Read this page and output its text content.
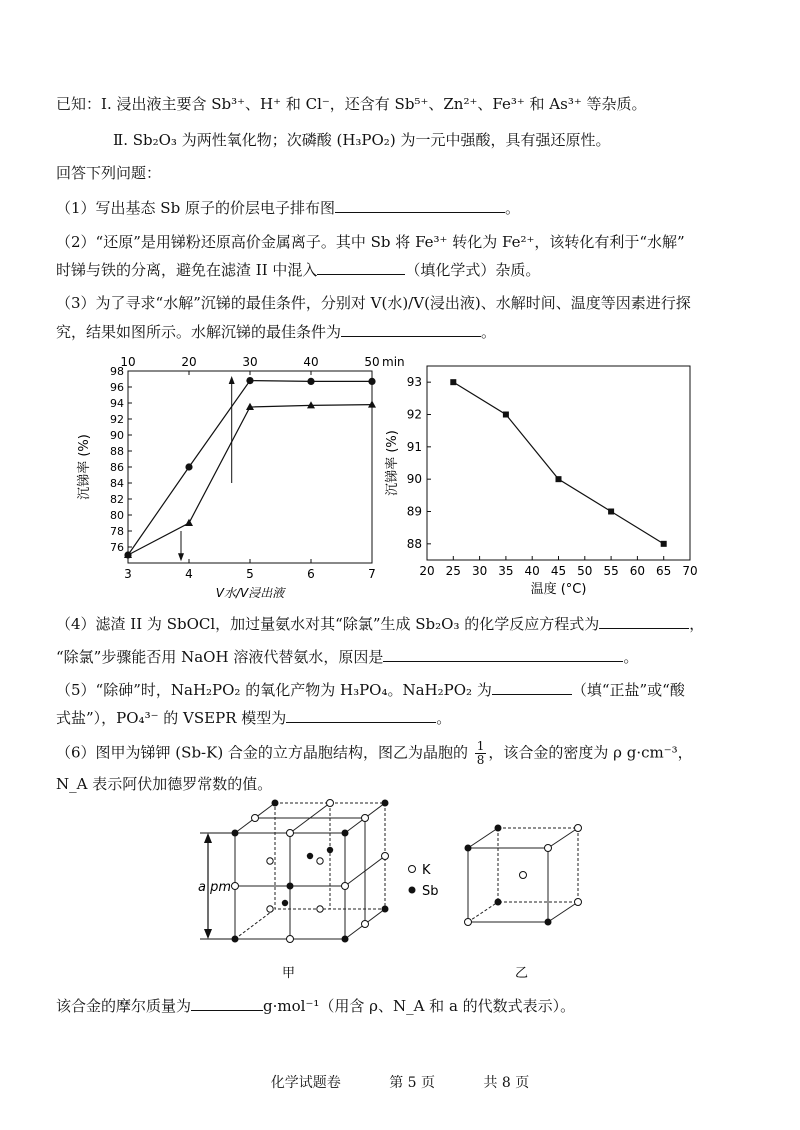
已知：Ⅰ. 浸出液主要含 Sb³⁺、H⁺ 和 Cl⁻，还含有 Sb⁵⁺、Zn²⁺、Fe³⁺ 和 As³⁺ 等杂质。
Ⅱ. Sb₂O₃ 为两性氧化物；次磷酸 (H₃PO₂) 为一元中强酸，具有强还原性。
回答下列问题：
（1）写出基态 Sb 原子的价层电子排布图	。
（2）“还原”是用锑粉还原高价金属离子。其中 Sb 将 Fe³⁺ 转化为 Fe²⁺，该转化有利于“水解”
时锑与铁的分离，避免在滤渣 II 中混入	（填化学式）杂质。
（3）为了寻求“水解”沉锑的最佳条件，分别对 V(水)/V(浸出液)、水解时间、温度等因素进行探
究，结果如图所示。水解沉锑的最佳条件为	。
3	4	5	6	7
10	20	30	40	50 min
76
78
80
82
84
86
88
90
92
94
96
98
V水/V浸出液
沉锑率 (%)
20 25 30 35 40 45 50 55 60 65 70
88
89
90
91
92
93
温度 (°C)
沉锑率 (%)
（4）滤渣 II 为 SbOCl，加过量氨水对其“除氯”生成 Sb₂O₃ 的化学反应方程式为	，
“除氯”步骤能否用 NaOH 溶液代替氨水，原因是	。
（5）“除砷”时，NaH₂PO₂ 的氧化产物为 H₃PO₄。NaH₂PO₂ 为	（填“正盐”或“酸
式盐”），PO₄³⁻ 的 VSEPR 模型为	。
（6）图甲为锑钾 (Sb-K) 合金的立方晶胞结构，图乙为晶胞的 $\frac{1}{8}$ ，该合金的密度为 ρ g·cm⁻³，
N_A 表示阿伏加德罗常数的值。
a pm
K
Sb
甲	乙
该合金的摩尔质量为	g·mol⁻¹（用含 ρ、N_A 和 a 的代数式表示）。
化学试题卷	第 5 页	共 8 页
